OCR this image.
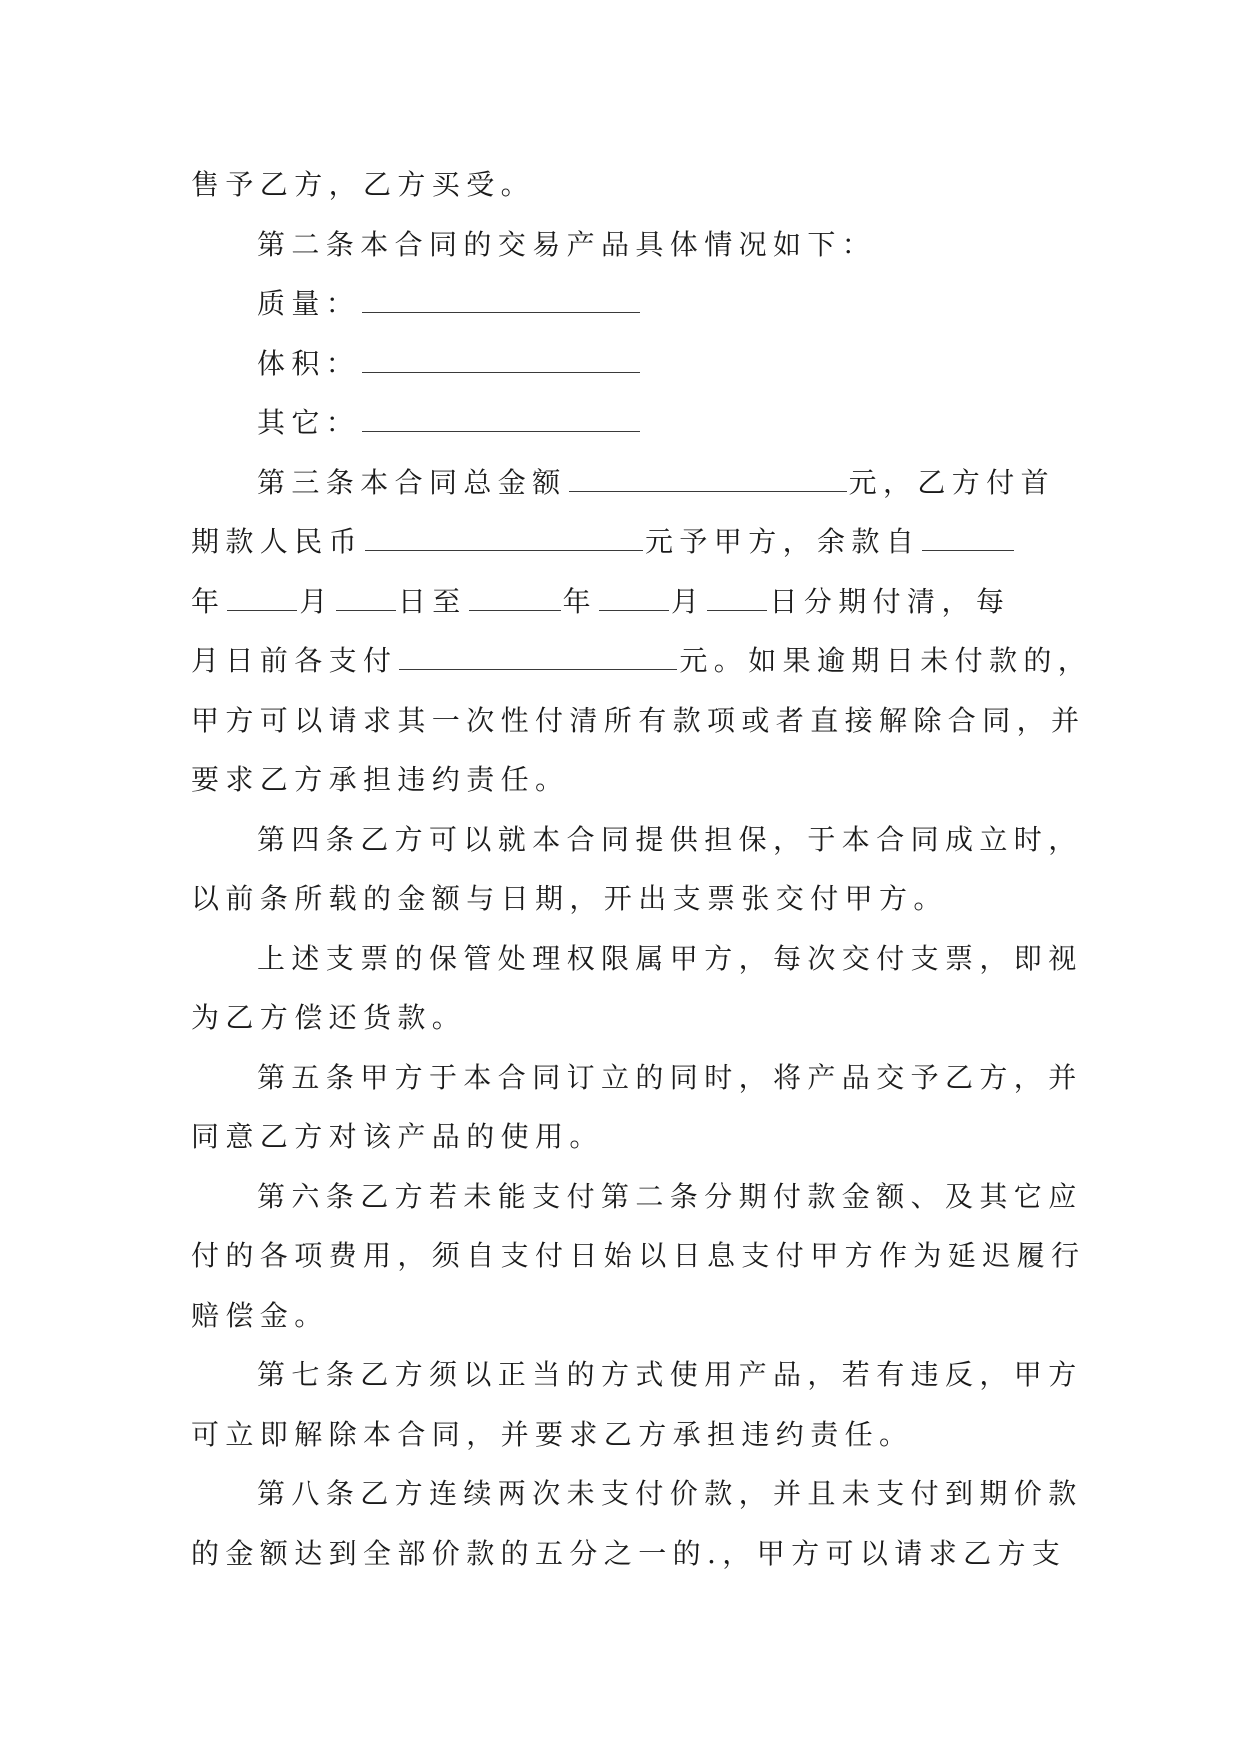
售予乙方，乙方买受。

第二条本合同的交易产品具体情况如下：

质量：

体积：

其它：

第三条本合同总金额	元，乙方付首

期款人民币	元予甲方，余款自

年	月 日至	年	月 日分期付清，每

月日前各支付	元。如果逾期日未付款的，

甲方可以请求其一次性付清所有款项或者直接解除合同，并

要求乙方承担违约责任。

第四条乙方可以就本合同提供担保，于本合同成立时，

以前条所载的金额与日期，开出支票张交付甲方。

上述支票的保管处理权限属甲方，每次交付支票，即视

为乙方偿还货款。

第五条甲方于本合同订立的同时，将产品交予乙方，并

同意乙方对该产品的使用。

第六条乙方若未能支付第二条分期付款金额、及其它应

付的各项费用，须自支付日始以日息支付甲方作为延迟履行

赔偿金。

第七条乙方须以正当的方式使用产品，若有违反，甲方

可立即解除本合同，并要求乙方承担违约责任。

第八条乙方连续两次未支付价款，并且未支付到期价款

的金额达到全部价款的五分之一的.，甲方可以请求乙方支
